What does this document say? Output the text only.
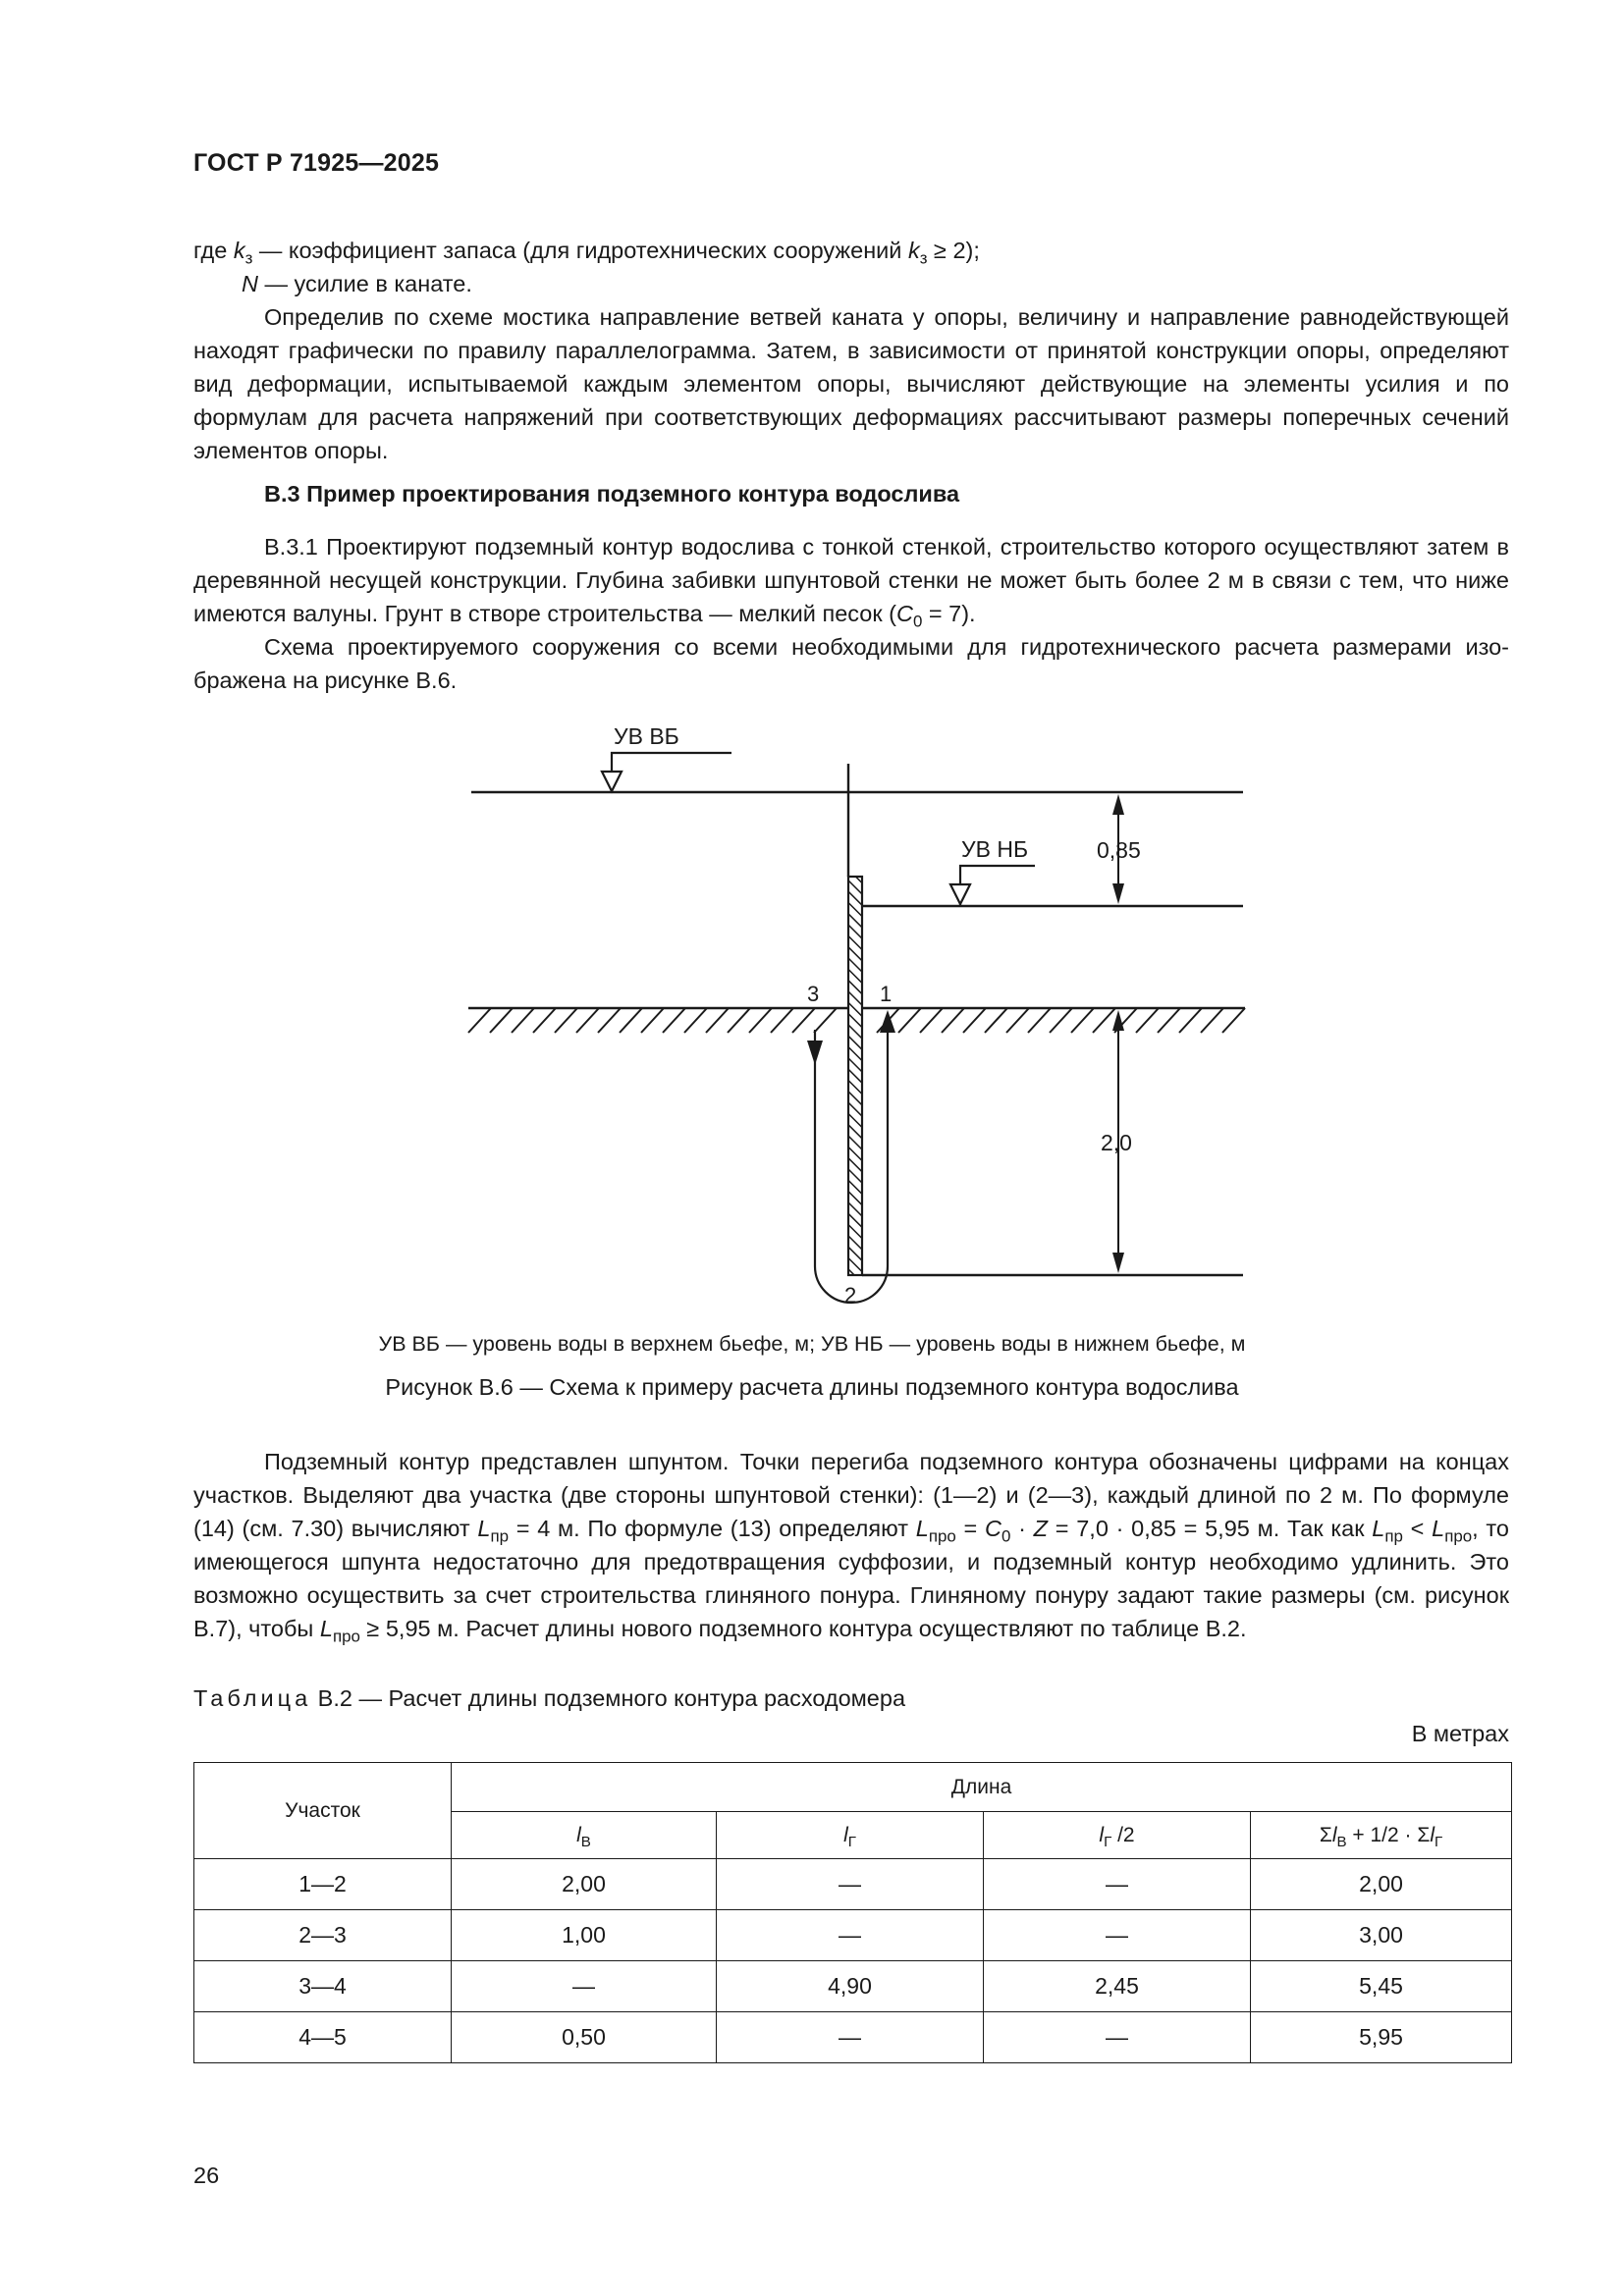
ГОСТ Р 71925—2025
где $k_з$ — коэффициент запаса (для гидротехнических сооружений $k_з \ge 2$);
N — усилие в канате.

Определив по схеме мостика направление ветвей каната у опоры, величину и направление равнодействующей находят графически по правилу параллелограмма. Затем, в зависимости от принятой конструкции опоры, определяют вид деформации, испытываемой каждым элементом опоры, вычисляют действующие на элементы усилия и по формулам для расчета напряжений при соответствующих деформациях рассчитывают размеры поперечных сечений элементов опоры.

В.3 Пример проектирования подземного контура водослива

В.3.1 Проектируют подземный контур водослива с тонкой стенкой, строительство которого осуществляют затем в деревянной несущей конструкции. Глубина забивки шпунтовой стенки не может быть более 2 м в связи с тем, что ниже имеются валуны. Грунт в створе строительства — мелкий песок $(C_0 = 7)$.

Схема проектируемого сооружения со всеми необходимыми для гидротехнического расчета размерами изображена на рисунке В.6.

УВ ВБ
УВ НБ	0,85
2,0
3	1
2
УВ ВБ — уровень воды в верхнем бьефе, м; УВ НБ — уровень воды в нижнем бьефе, м
Рисунок В.6 — Схема к примеру расчета длины подземного контура водослива

Подземный контур представлен шпунтом. Точки перегиба подземного контура обозначены цифрами на концах участков. Выделяют два участка (две стороны шпунтовой стенки): (1—2) и (2—3), каждый длиной по 2 м. По формуле (14) (см. 7.30) вычисляют $L_{пр} = 4$ м. По формуле (13) определяют $L_{про} = C_0 \cdot Z = 7,0 \cdot 0,85 = 5,95$ м. Так как $L_{пр} < L_{про}$, то имеющегося шпунта недостаточно для предотвращения суффозии, и подземный контур необходимо удлинить. Это возможно осуществить за счет строительства глиняного понура. Глиняному понуру задают такие размеры (см. рисунок В.7), чтобы $L_{про} \ge 5,95$ м. Расчет длины нового подземного контура осуществляют по таблице В.2.

Таблица В.2 — Расчет длины подземного контура расходомера
В метрах
Участок	Длина			
	$l_В$	$l_Г$	$l_Г$ /2	$\Sigma l_В + 1/2 \cdot \Sigma l_Г$
1—2	2,00	—	—	2,00
2—3	1,00	—	—	3,00
3—4	—	4,90	2,45	5,45
4—5	0,50	—	—	5,95
26
